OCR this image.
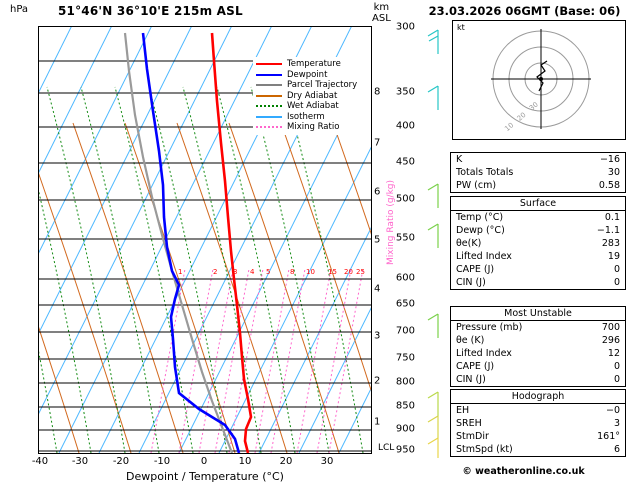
hPa 51°46'N 36°10'E 215m ASL	km
ASL
Temperature
Dewpoint
Parcel Trajectory
Dry Adiabat
Wet Adiabat
Isotherm
Mixing Ratio
300
350
400
450
500
550
600
650
700
750
800
850
900
950
8
7
6
5
4
3
2
1
LCL
Mixing Ratio (g/kg)
-40 -30 -20 -10	0	10	20	30
Dewpoint / Temperature (°C)
1	2 3 4 5	8 10 15 20 25
23.03.2026 06GMT (Base: 06)
kt
10
20
30
K	−16
Totals Totals	30
PW (cm)	0.58
Surface
Temp (°C)	0.1
Dewp (°C)	−1.1
θe(K)	283
Lifted Index	19
CAPE (J)	0
CIN (J)	0
Most Unstable
Pressure (mb)	700
θe (K)	296
Lifted Index	12
CAPE (J)	0
CIN (J)	0
Hodograph
EH	−0
SREH	3
StmDir	161°
StmSpd (kt)	6
© weatheronline.co.uk
